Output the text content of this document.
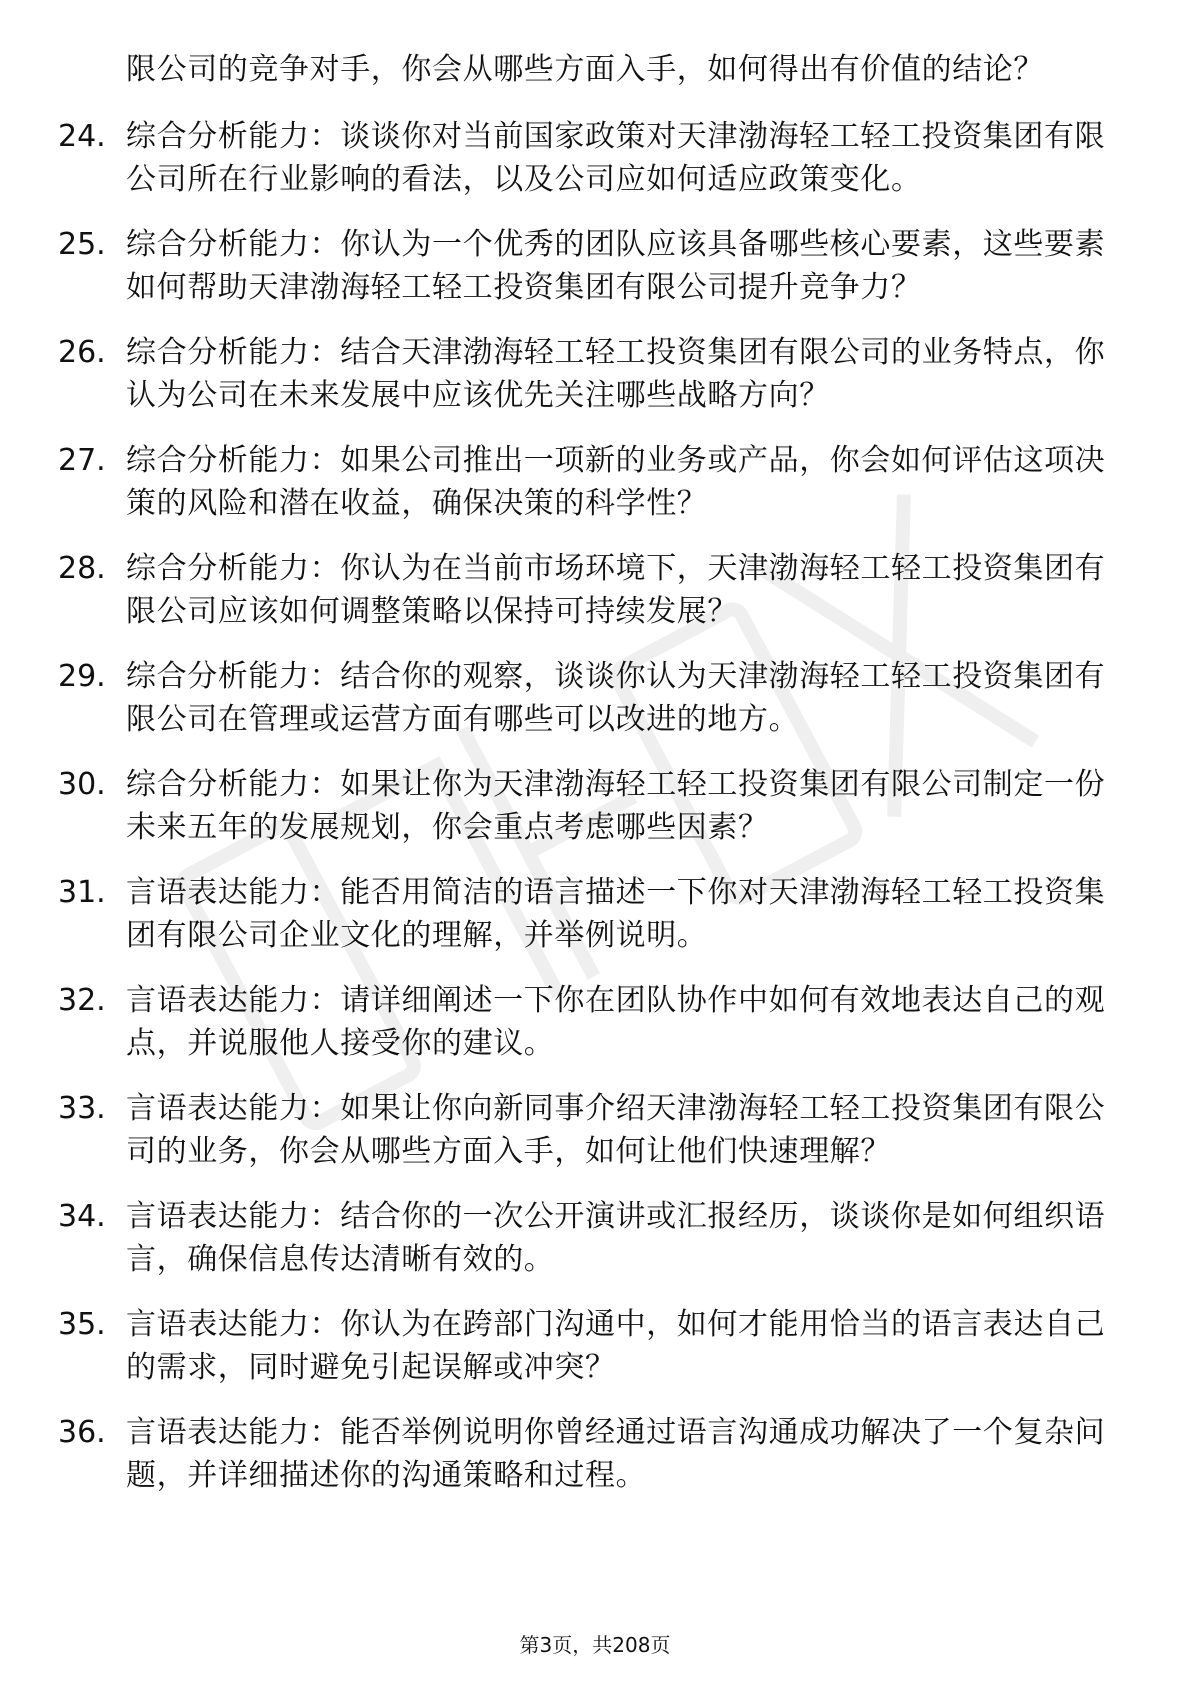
限公司的竞争对手，你会从哪些方面入手，如何得出有价值的结论？
24. 综合分析能力：谈谈你对当前国家政策对天津渤海轻工轻工投资集团有限公司所在行业影响的看法，以及公司应如何适应政策变化。
25. 综合分析能力：你认为一个优秀的团队应该具备哪些核心要素，这些要素如何帮助天津渤海轻工轻工投资集团有限公司提升竞争力？
26. 综合分析能力：结合天津渤海轻工轻工投资集团有限公司的业务特点，你认为公司在未来发展中应该优先关注哪些战略方向？
27. 综合分析能力：如果公司推出一项新的业务或产品，你会如何评估这项决策的风险和潜在收益，确保决策的科学性？
28. 综合分析能力：你认为在当前市场环境下，天津渤海轻工轻工投资集团有限公司应该如何调整策略以保持可持续发展？
29. 综合分析能力：结合你的观察，谈谈你认为天津渤海轻工轻工投资集团有限公司在管理或运营方面有哪些可以改进的地方。
30. 综合分析能力：如果让你为天津渤海轻工轻工投资集团有限公司制定一份未来五年的发展规划，你会重点考虑哪些因素？
31. 言语表达能力：能否用简洁的语言描述一下你对天津渤海轻工轻工投资集团有限公司企业文化的理解，并举例说明。
32. 言语表达能力：请详细阐述一下你在团队协作中如何有效地表达自己的观点，并说服他人接受你的建议。
33. 言语表达能力：如果让你向新同事介绍天津渤海轻工轻工投资集团有限公司的业务，你会从哪些方面入手，如何让他们快速理解？
34. 言语表达能力：结合你的一次公开演讲或汇报经历，谈谈你是如何组织语言，确保信息传达清晰有效的。
35. 言语表达能力：你认为在跨部门沟通中，如何才能用恰当的语言表达自己的需求，同时避免引起误解或冲突？
36. 言语表达能力：能否举例说明你曾经通过语言沟通成功解决了一个复杂问题，并详细描述你的沟通策略和过程。
第3页，共208页
